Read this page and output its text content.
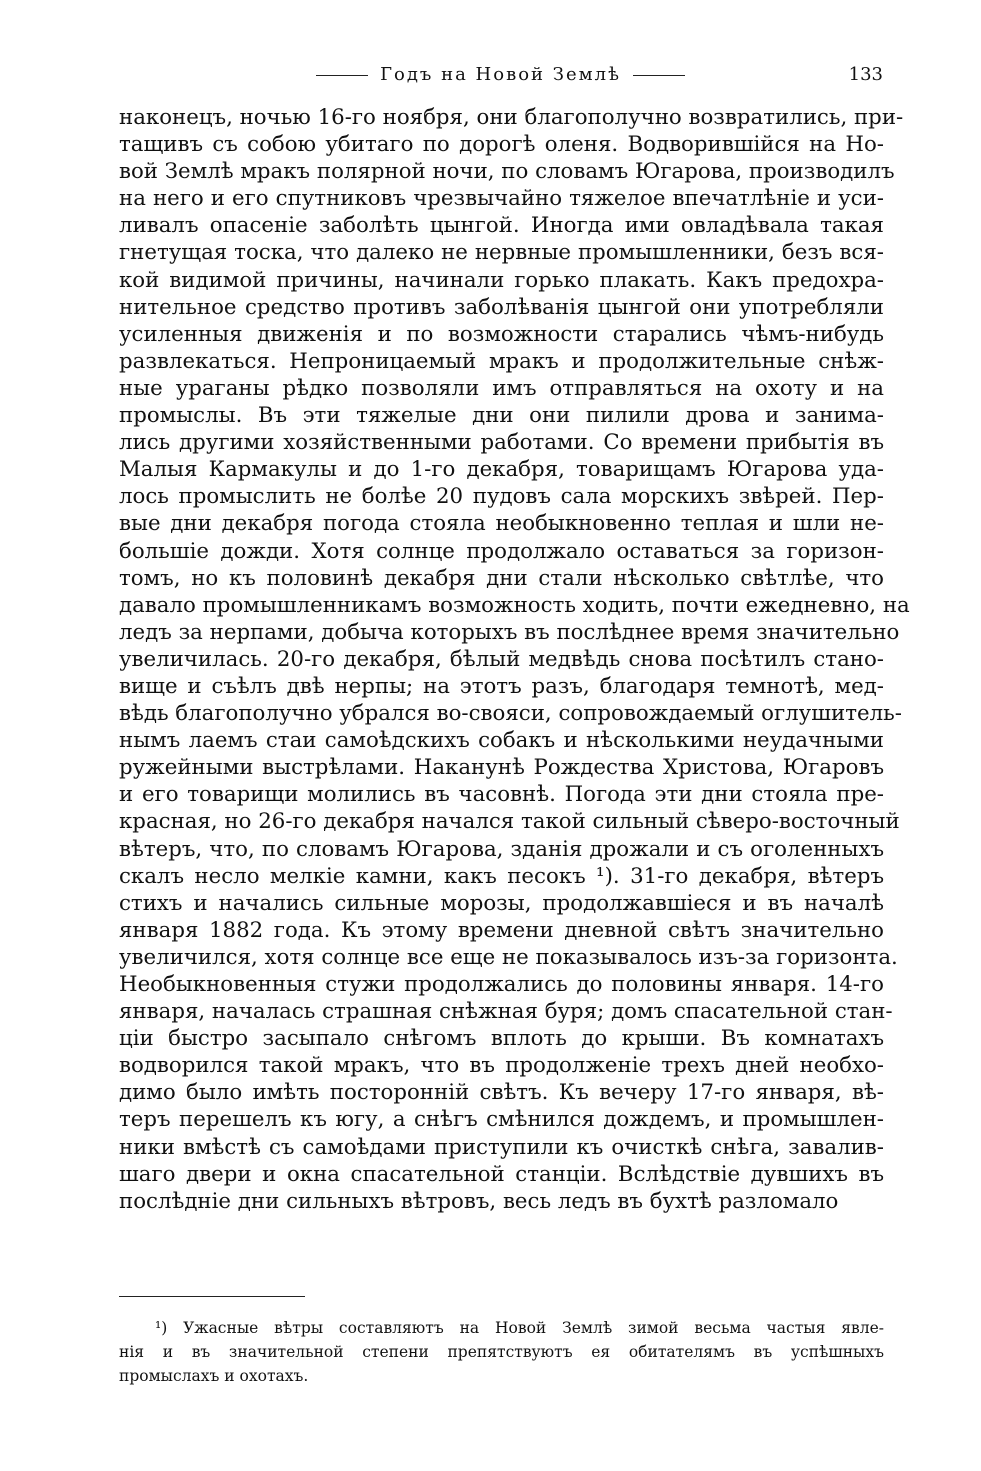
Годъ на Новой Землѣ	133
наконецъ, ночью 16-го ноября, они благополучно возвратились, при-
тащивъ съ собою убитаго по дорогѣ оленя. Водворившійся на Но-
вой Землѣ мракъ полярной ночи, по словамъ Югарова, производилъ
на него и его спутниковъ чрезвычайно тяжелое впечатлѣніе и уси-
ливалъ опасеніе заболѣть цынгой. Иногда ими овладѣвала такая
гнетущая тоска, что далеко не нервные промышленники, безъ вся-
кой видимой причины, начинали горько плакать. Какъ предохра-
нительное средство противъ заболѣванія цынгой они употребляли
усиленныя движенія и по возможности старались чѣмъ-нибудь
развлекаться. Непроницаемый мракъ и продолжительные снѣж-
ные ураганы рѣдко позволяли имъ отправляться на охоту и на
промыслы. Въ эти тяжелые дни они пилили дрова и занима-
лись другими хозяйственными работами. Со времени прибытія въ
Малыя Кармакулы и до 1-го декабря, товарищамъ Югарова уда-
лось промыслить не болѣе 20 пудовъ сала морскихъ звѣрей. Пер-
вые дни декабря погода стояла необыкновенно теплая и шли не-
большіе дожди. Хотя солнце продолжало оставаться за горизон-
томъ, но къ половинѣ декабря дни стали нѣсколько свѣтлѣе, что
давало промышленникамъ возможность ходить, почти ежедневно, на
ледъ за нерпами, добыча которыхъ въ послѣднее время значительно
увеличилась. 20-го декабря, бѣлый медвѣдь снова посѣтилъ стано-
вище и съѣлъ двѣ нерпы; на этотъ разъ, благодаря темнотѣ, мед-
вѣдь благополучно убрался во-свояси, сопровождаемый оглушитель-
нымъ лаемъ стаи самоѣдскихъ собакъ и нѣсколькими неудачными
ружейными выстрѣлами. Наканунѣ Рождества Христова, Югаровъ
и его товарищи молились въ часовнѣ. Погода эти дни стояла пре-
красная, но 26-го декабря начался такой сильный сѣверо-восточный
вѣтеръ, что, по словамъ Югарова, зданія дрожали и съ оголенныхъ
скалъ несло мелкіе камни, какъ песокъ ¹). 31-го декабря, вѣтеръ
стихъ и начались сильные морозы, продолжавшіеся и въ началѣ
января 1882 года. Къ этому времени дневной свѣтъ значительно
увеличился, хотя солнце все еще не показывалось изъ-за горизонта.
Необыкновенныя стужи продолжались до половины января. 14-го
января, началась страшная снѣжная буря; домъ спасательной стан-
ціи быстро засыпало снѣгомъ вплоть до крыши. Въ комнатахъ
водворился такой мракъ, что въ продолженіе трехъ дней необхо-
димо было имѣть посторонній свѣтъ. Къ вечеру 17-го января, вѣ-
теръ перешелъ къ югу, а снѣгъ смѣнился дождемъ, и промышлен-
ники вмѣстѣ съ самоѣдами приступили къ очисткѣ снѣга, завалив-
шаго двери и окна спасательной станціи. Вслѣдствіе дувшихъ въ
послѣдніе дни сильныхъ вѣтровъ, весь ледъ въ бухтѣ разломало
¹) Ужасные вѣтры составляютъ на Новой Землѣ зимой весьма частыя явле-
нія и въ значительной степени препятствуютъ ея обитателямъ въ успѣшныхъ
промыслахъ и охотахъ.
